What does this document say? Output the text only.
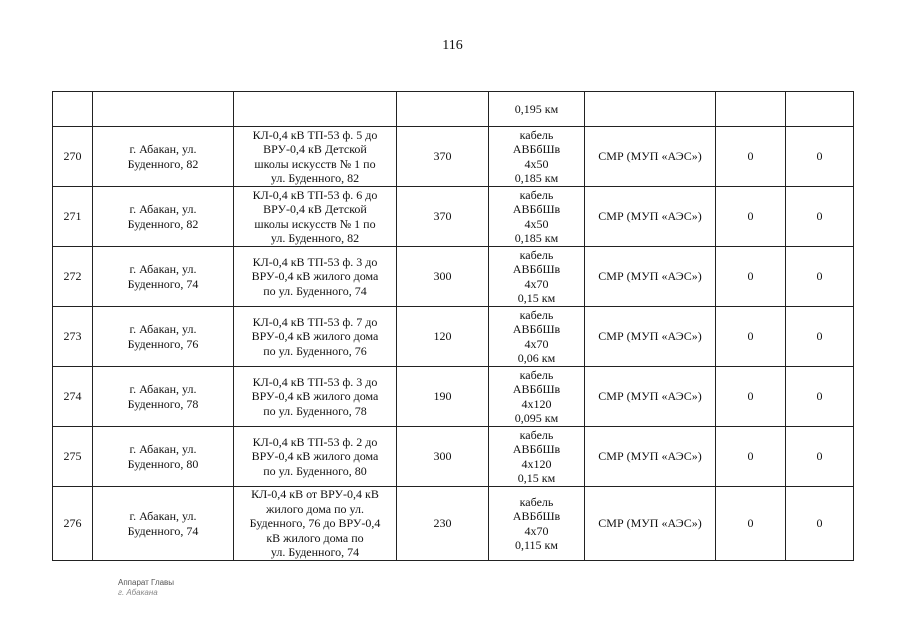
116
				0,195 км			
270	г. Абакан, ул.
Буденного, 82	КЛ-0,4 кВ ТП-53 ф. 5 до
ВРУ-0,4 кВ Детской
школы искусств № 1 по
ул. Буденного, 82	370	кабель
АВБбШв
4х50
0,185 км	СМР (МУП «АЭС»)	0	0
271	г. Абакан, ул.
Буденного, 82	КЛ-0,4 кВ ТП-53 ф. 6 до
ВРУ-0,4 кВ Детской
школы искусств № 1 по
ул. Буденного, 82	370	кабель
АВБбШв
4х50
0,185 км	СМР (МУП «АЭС»)	0	0
272	г. Абакан, ул.
Буденного, 74	КЛ-0,4 кВ ТП-53 ф. 3 до
ВРУ-0,4 кВ жилого дома
по ул. Буденного, 74	300	кабель
АВБбШв
4х70
0,15 км	СМР (МУП «АЭС»)	0	0
273	г. Абакан, ул.
Буденного, 76	КЛ-0,4 кВ ТП-53 ф. 7 до
ВРУ-0,4 кВ жилого дома
по ул. Буденного, 76	120	кабель
АВБбШв
4х70
0,06 км	СМР (МУП «АЭС»)	0	0
274	г. Абакан, ул.
Буденного, 78	КЛ-0,4 кВ ТП-53 ф. 3 до
ВРУ-0,4 кВ жилого дома
по ул. Буденного, 78	190	кабель
АВБбШв
4х120
0,095 км	СМР (МУП «АЭС»)	0	0
275	г. Абакан, ул.
Буденного, 80	КЛ-0,4 кВ ТП-53 ф. 2 до
ВРУ-0,4 кВ жилого дома
по ул. Буденного, 80	300	кабель
АВБбШв
4х120
0,15 км	СМР (МУП «АЭС»)	0	0
276	г. Абакан, ул.
Буденного, 74	КЛ-0,4 кВ от ВРУ-0,4 кВ
жилого дома по ул.
Буденного, 76 до ВРУ-0,4
кВ жилого дома по
ул. Буденного, 74	230	кабель
АВБбШв
4х70
0,115 км	СМР (МУП «АЭС»)	0	0
Аппарат Главы
г. Абакана
